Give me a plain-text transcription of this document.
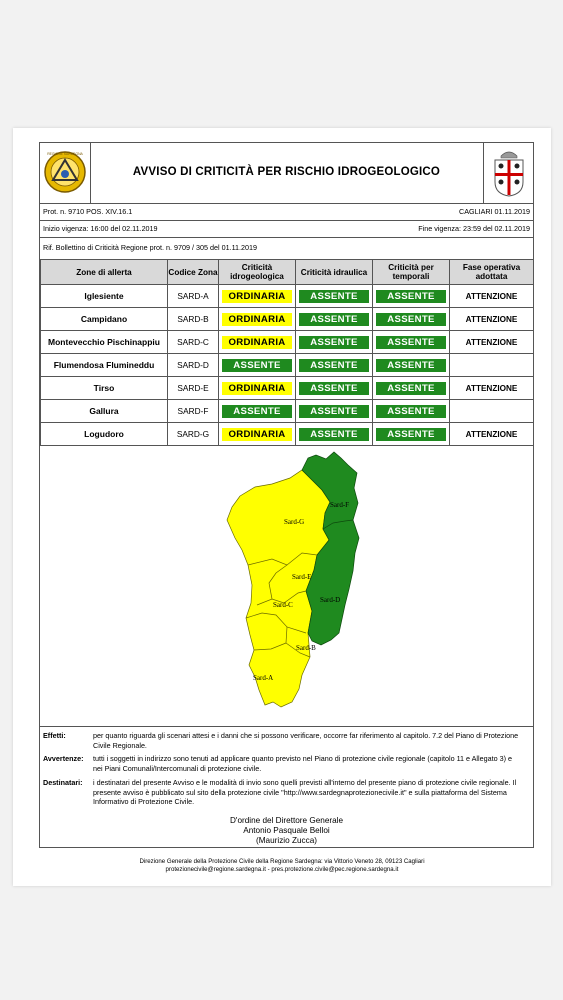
REGIONE SARDEGNA
AVVISO DI CRITICITÀ PER RISCHIO IDROGEOLOGICO
Prot. n. 9710 POS. XIV.16.1	CAGLIARI 01.11.2019
Inizio vigenza: 16:00 del 02.11.2019	Fine vigenza: 23:59 del 02.11.2019
Rif. Bollettino di Criticità Regione prot. n. 9709 / 305 del 01.11.2019
Zone di allerta	Codice Zona	Criticità idrogeologica	Criticità idraulica	Criticità per temporali	Fase operativa adottata
Iglesiente	SARD-A	ORDINARIA	ASSENTE	ASSENTE	ATTENZIONE
Campidano	SARD-B	ORDINARIA	ASSENTE	ASSENTE	ATTENZIONE
Montevecchio Pischinappiu	SARD-C	ORDINARIA	ASSENTE	ASSENTE	ATTENZIONE
Flumendosa Flumineddu	SARD-D	ASSENTE	ASSENTE	ASSENTE	
Tirso	SARD-E	ORDINARIA	ASSENTE	ASSENTE	ATTENZIONE
Gallura	SARD-F	ASSENTE	ASSENTE	ASSENTE	
Logudoro	SARD-G	ORDINARIA	ASSENTE	ASSENTE	ATTENZIONE
Sard-G
Sard-F
Sard-E
Sard-D
Sard-C
Sard-B
Sard-A
Effetti:	per quanto riguarda gli scenari attesi e i danni che si possono verificare, occorre far riferimento al capitolo. 7.2 del Piano di Protezione Civile Regionale.
Avvertenze: tutti i soggetti in indirizzo sono tenuti ad applicare quanto previsto nel Piano di protezione civile regionale (capitolo 11 e Allegato 3) e nei Piani Comunali/Intercomunali di protezione civile.
Destinatari: i destinatari del presente Avviso e le modalità di invio sono quelli previsti all'interno del presente piano di protezione civile regionale. Il presente avviso è pubblicato sul sito della protezione civile "http://www.sardegnaprotezionecivile.it" e sulla piattaforma del Sistema Informativo di Protezione Civile.
D'ordine del Direttore Generale
Antonio Pasquale Belloi
(Maurizio Zucca)
Direzione Generale della Protezione Civile della Regione Sardegna: via Vittorio Veneto 28, 09123 Cagliari
protezionecivile@regione.sardegna.it - pres.protezione.civile@pec.regione.sardegna.it
